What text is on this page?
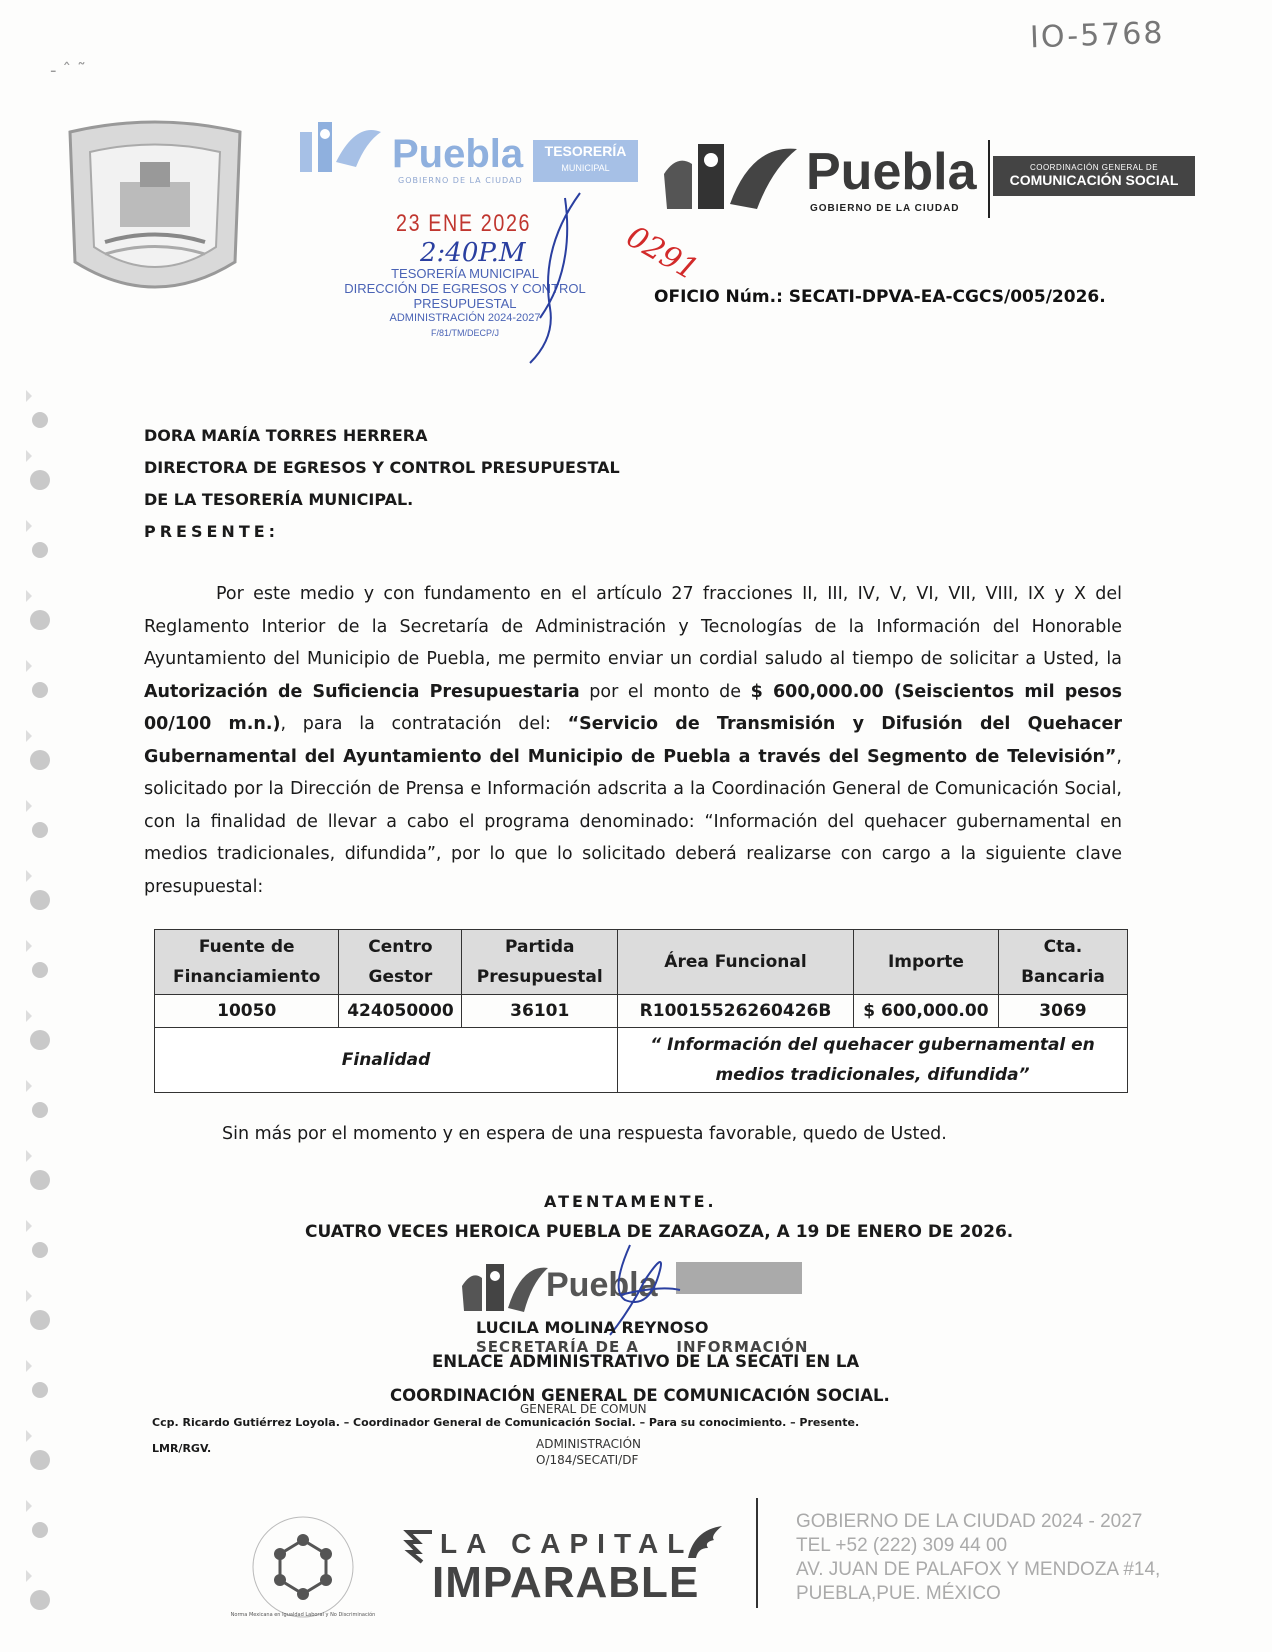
IO-5768
‑ ˆ ˜
Puebla
GOBIERNO DE LA CIUDAD
TESORERÍA
MUNICIPAL
23 ENE 2026
2:40P.M
TESORERÍA MUNICIPAL
DIRECCIÓN DE EGRESOS Y CONTROL
PRESUPUESTAL
ADMINISTRACIÓN 2024-2027
F/81/TM/DECP/J
0291
Puebla
GOBIERNO DE LA CIUDAD
COORDINACIÓN GENERAL DE
COMUNICACIÓN SOCIAL
OFICIO Núm.: SECATI-DPVA-EA-CGCS/005/2026.
DORA MARÍA TORRES HERRERA
DIRECTORA DE EGRESOS Y CONTROL PRESUPUESTAL
DE LA TESORERÍA MUNICIPAL.
PRESENTE:

Por este medio y con fundamento en el artículo 27 fracciones II, III, IV, V, VI, VII, VIII, IX y X del Reglamento Interior de la Secretaría de Administración y Tecnologías de la Información del Honorable Ayuntamiento del Municipio de Puebla, me permito enviar un cordial saludo al tiempo de solicitar a Usted, la Autorización de Suficiencia Presupuestaria por el monto de $ 600,000.00 (Seiscientos mil pesos 00/100 m.n.), para la contratación del: “Servicio de Transmisión y Difusión del Quehacer Gubernamental del Ayuntamiento del Municipio de Puebla a través del Segmento de Televisión”, solicitado por la Dirección de Prensa e Información adscrita a la Coordinación General de Comunicación Social, con la finalidad de llevar a cabo el programa denominado: “Información del quehacer gubernamental en medios tradicionales, difundida”, por lo que lo solicitado deberá realizarse con cargo a la siguiente clave presupuestal:

Fuente de Financiamiento	Centro Gestor	Partida Presupuestal	Área Funcional	Importe	Cta. Bancaria
10050	424050000	36101	R10015526260426B	$ 600,000.00	3069
Finalidad			“ Información del quehacer gubernamental en medios tradicionales, difundida”		
Sin más por el momento y en espera de una respuesta favorable, quedo de Usted.
ATENTAMENTE.
CUATRO VECES HEROICA PUEBLA DE ZARAGOZA, A 19 DE ENERO DE 2026.
Puebla
LUCILA MOLINA REYNOSO
SECRETARÍA DE A INFORMACIÓN
ENLACE ADMINISTRATIVO DE LA SECATI EN LA
COORDINACIÓN GENERAL DE COMUNICACIÓN SOCIAL.
GENERAL DE COMUN
ADMINISTRACIÓN
O/184/SECATI/DF
Ccp. Ricardo Gutiérrez Loyola. – Coordinador General de Comunicación Social. – Para su conocimiento. – Presente.
LMR/RGV.
Norma Mexicana en Igualdad Laboral y No Discriminación
LA CAPITAL
IMPARABLE
GOBIERNO DE LA CIUDAD 2024 - 2027
TEL +52 (222) 309 44 00
AV. JUAN DE PALAFOX Y MENDOZA #14,
PUEBLA,PUE. MÉXICO
